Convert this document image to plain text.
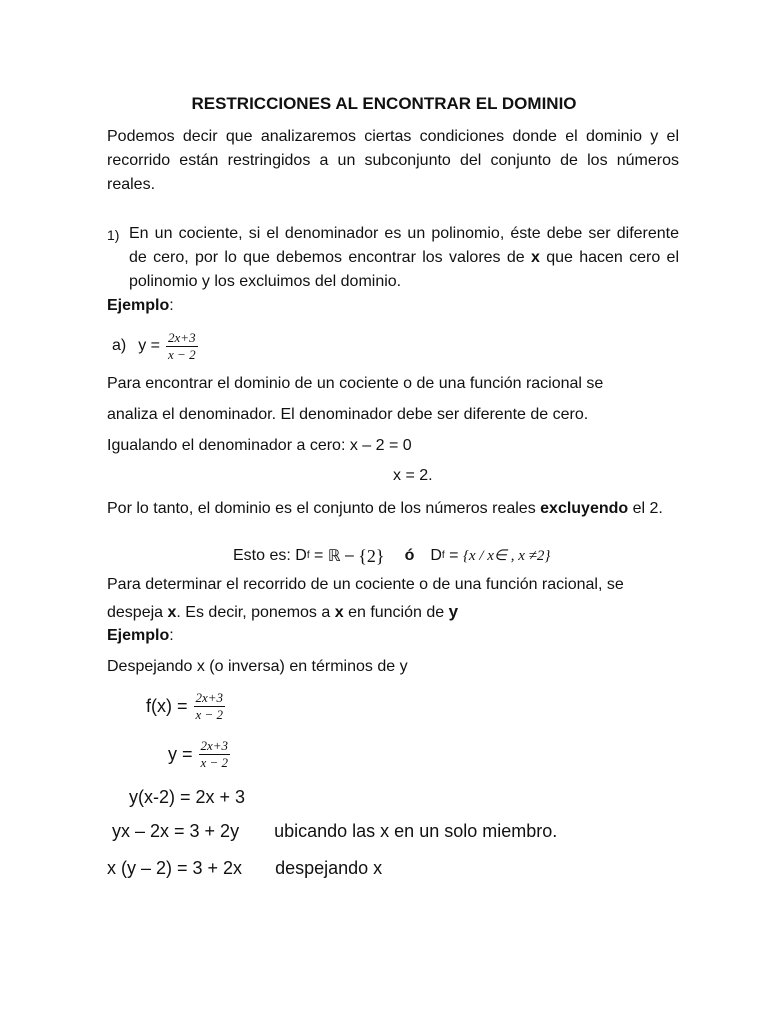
RESTRICCIONES AL ENCONTRAR EL DOMINIO
Podemos decir que analizaremos ciertas condiciones donde el dominio y el recorrido están restringidos a un subconjunto del conjunto de los números reales.
1) En un cociente, si el denominador es un polinomio, éste debe ser diferente de cero, por lo que debemos encontrar los valores de x que hacen cero el polinomio y los excluimos del dominio.
Ejemplo:
a) $y = \frac{2x+3}{x - 2}$
Para encontrar el dominio de un cociente o de una función racional se
analiza el denominador. El denominador debe ser diferente de cero.
Igualando el denominador a cero: x – 2 = 0
x = 2.
Por lo tanto, el dominio es el conjunto de los números reales excluyendo el 2.
Esto es: D f = ℝ – {2} ó D f = {x / x∈ , x ≠2}
Para determinar el recorrido de un cociente o de una función racional, se
despeja x. Es decir, ponemos a x en función de y
Ejemplo:
Despejando x (o inversa) en términos de y
$f(x) = \frac{2x+3}{x - 2}$
$y = \frac{2x+3}{x - 2}$
y(x-2) = 2x + 3
yx – 2x = 3 + 2y ubicando las x en un solo miembro.
x (y – 2) = 3 + 2x despejando x
